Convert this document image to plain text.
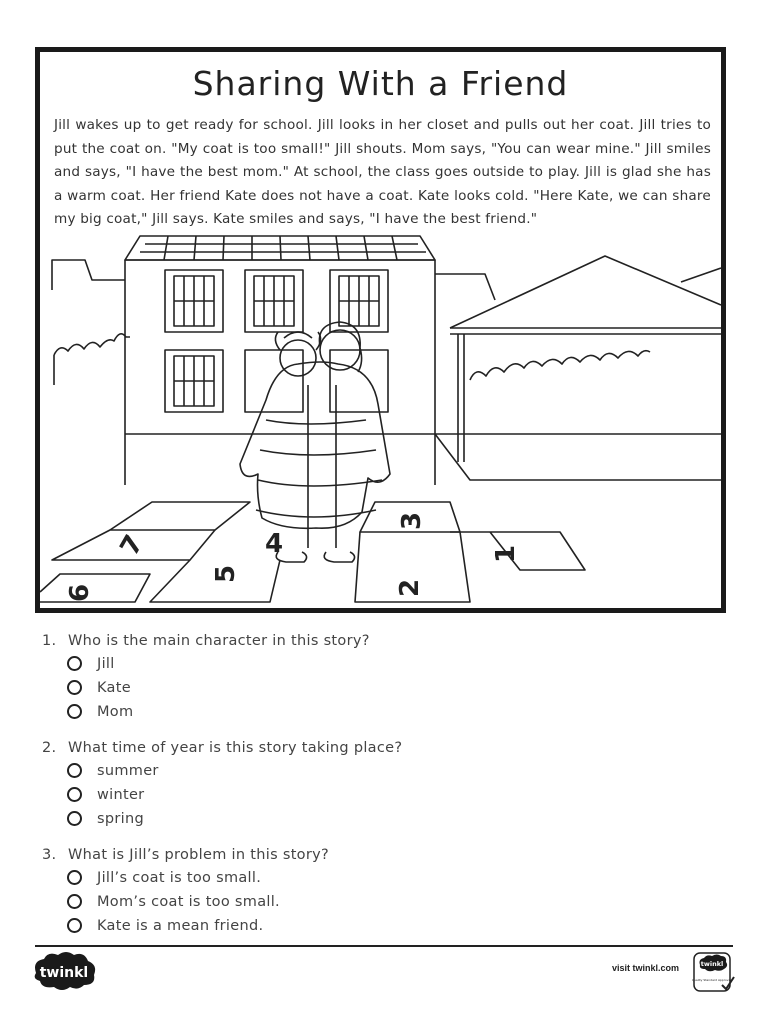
Sharing With a Friend
Jill wakes up to get ready for school. Jill looks in her closet and pulls out her coat. Jill tries to put the coat on. "My coat is too small!" Jill shouts. Mom says, "You can wear mine." Jill smiles and says, "I have the best mom." At school, the class goes outside to play. Jill is glad she has a warm coat. Her friend Kate does not have a coat. Kate looks cold. "Here Kate, we can share my big coat," Jill says. Kate smiles and says, "I have the best friend."
6
7
5
4
3
2
1
1. Who is the main character in this story?
Jill
Kate
Mom
2. What time of year is this story taking place?
summer
winter
spring
3. What is Jill’s problem in this story?
Jill’s coat is too small.
Mom’s coat is too small.
Kate is a mean friend.
twinkl	visit twinkl.com	twinkl
Quality Standard Approved
